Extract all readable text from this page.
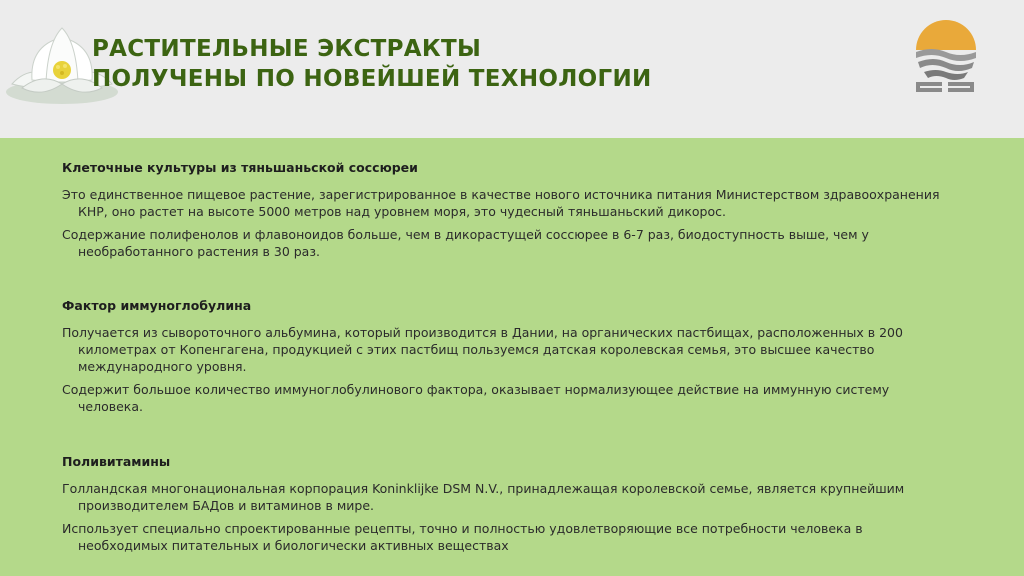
РАСТИТЕЛЬНЫЕ ЭКСТРАКТЫ
ПОЛУЧЕНЫ ПО НОВЕЙШЕЙ ТЕХНОЛОГИИ

Клеточные культуры из тяньшаньской соссюреи

Это единственное пищевое растение, зарегистрированное в качестве нового источника питания Министерством здравоохранения КНР, оно растет на высоте 5000 метров над уровнем моря, это чудесный тяньшаньский дикорос.

Содержание полифенолов и флавоноидов больше, чем в дикорастущей соссюрее в 6-7 раз, биодоступность выше, чем у необработанного растения в 30 раз.

Фактор иммуноглобулина

Получается из сывороточного альбумина, который производится в Дании, на органических пастбищах, расположенных в 200 километрах от Копенгагена, продукцией с этих пастбищ пользуемся датская королевская семья, это высшее качество международного уровня.

Содержит большое количество иммуноглобулинового фактора, оказывает нормализующее действие на иммунную систему человека.

Поливитамины

Голландская многонациональная корпорация Koninklijke DSM N.V., принадлежащая королевской семье, является крупнейшим производителем БАДов и витаминов в мире.

Использует специально спроектированные рецепты, точно и полностью удовлетворяющие все потребности человека в необходимых питательных и биологически активных веществах
